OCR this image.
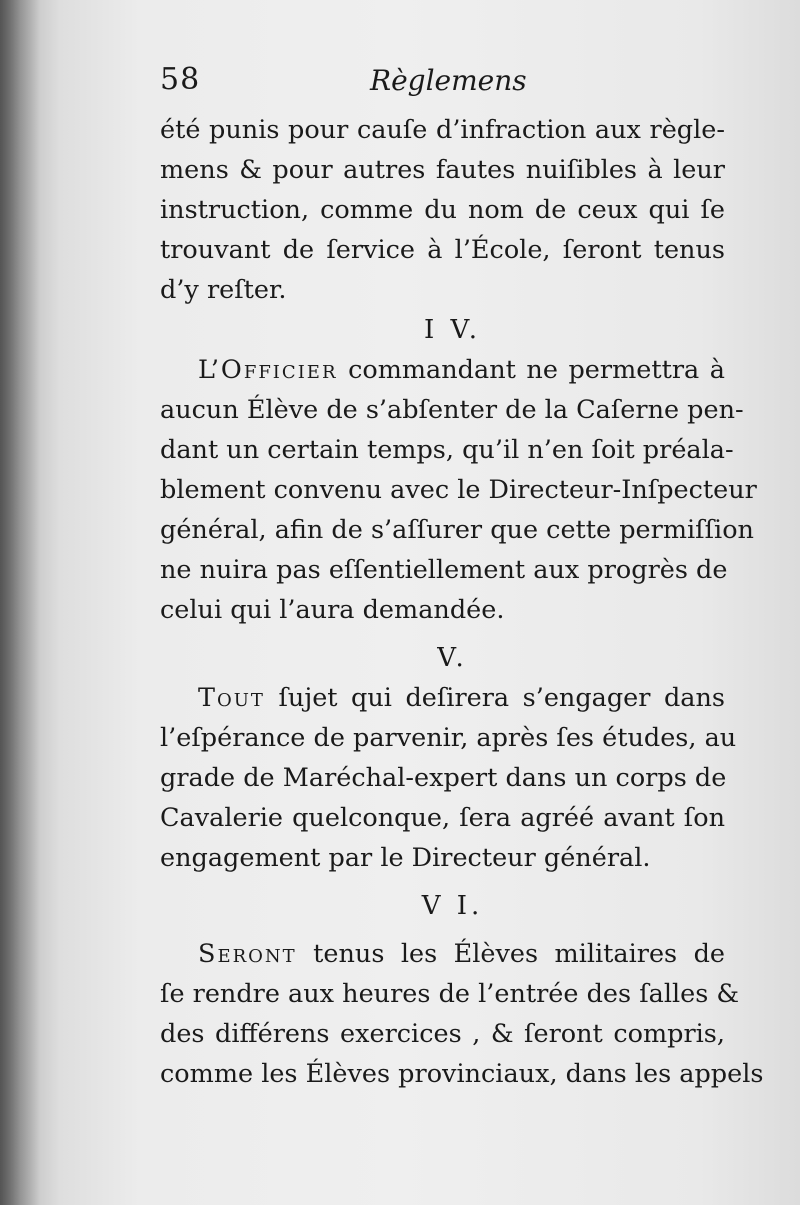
58	Règlemens
été punis pour cauſe d’infraction aux règle-
mens & pour autres fautes nuiſibles à leur
instruction, comme du nom de ceux qui ſe
trouvant de ſervice à l’École, ſeront tenus
d’y reſter.
I V.
L’Officier commandant ne permettra à
aucun Élève de s’abſenter de la Caſerne pen-
dant un certain temps, qu’il n’en ſoit préala-
blement convenu avec le Directeur-Inſpecteur
général, afin de s’aſſurer que cette permiſſion
ne nuira pas eſſentiellement aux progrès de
celui qui l’aura demandée.
V.
Tout ſujet qui deſirera s’engager dans
l’eſpérance de parvenir, après ſes études, au
grade de Maréchal-expert dans un corps de
Cavalerie quelconque, ſera agréé avant ſon
engagement par le Directeur général.
V I.
Seront tenus les Élèves militaires de
ſe rendre aux heures de l’entrée des ſalles &
des différens exercices , & ſeront compris,
comme les Élèves provinciaux, dans les appels
